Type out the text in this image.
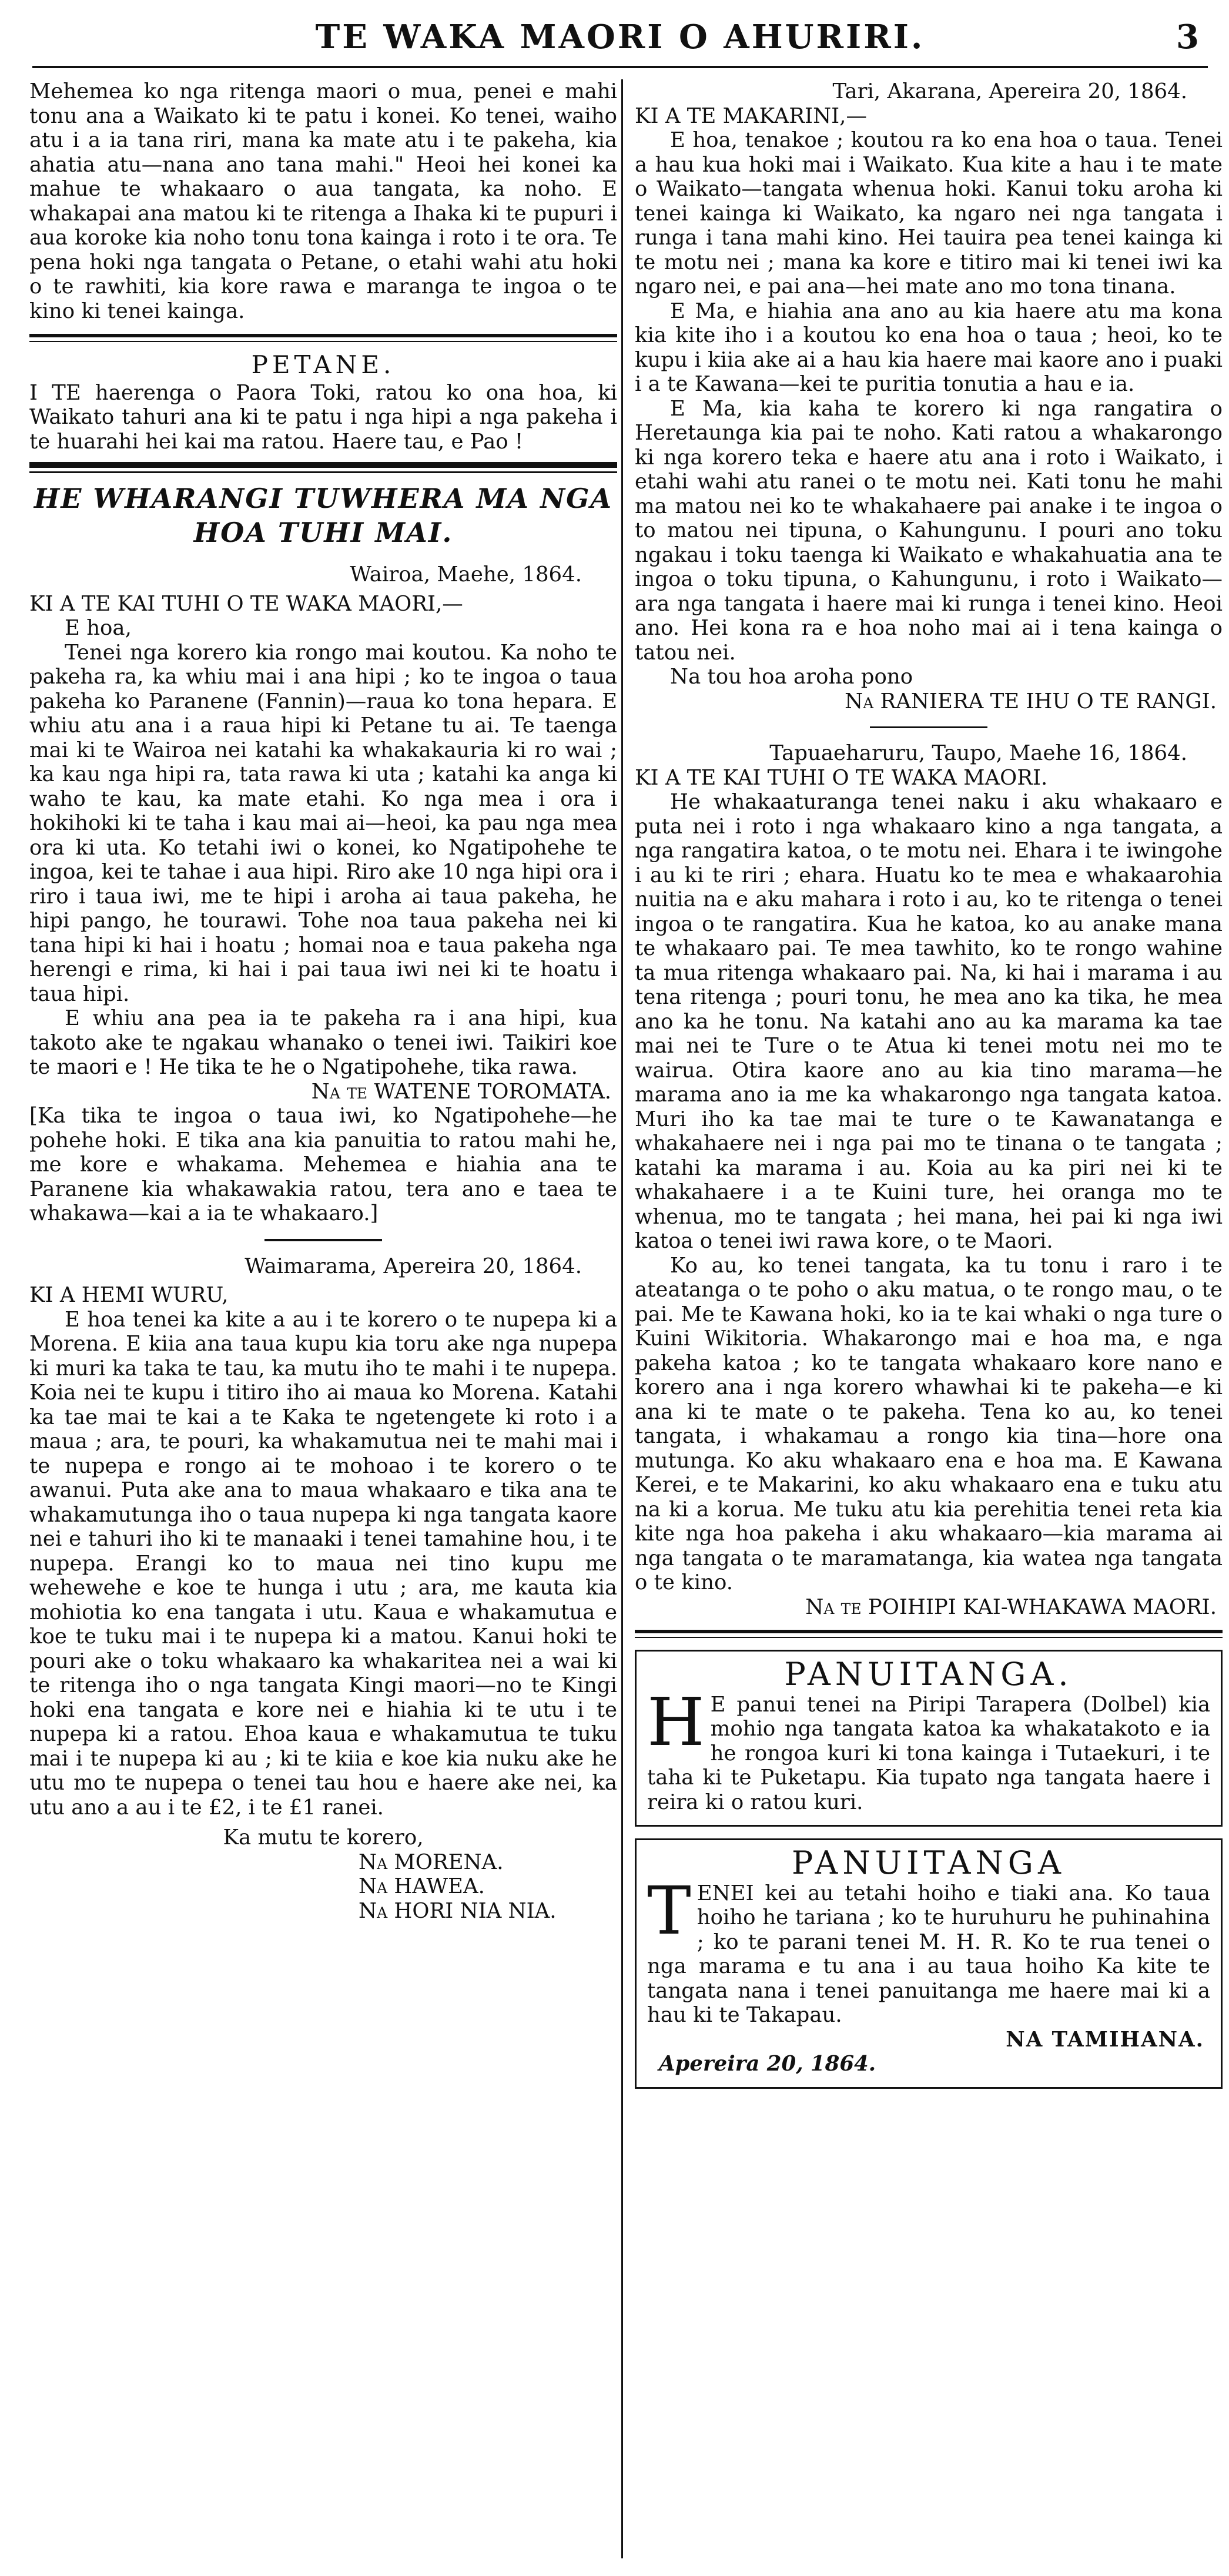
TE WAKA MAORI O AHURIRI.	3

Mehemea ko nga ritenga maori o mua, penei e mahi tonu ana a Waikato ki te patu i konei. Ko tenei, waiho atu i a ia tana riri, mana ka mate atu i te pakeha, kia ahatia atu—nana ano tana mahi." Heoi hei konei ka mahue te whakaaro o aua tangata, ka noho. E whakapai ana matou ki te ritenga a Ihaka ki te pupuri i aua koroke kia noho tonu tona kainga i roto i te ora. Te pena hoki nga tangata o Petane, o etahi wahi atu hoki o te rawhiti, kia kore rawa e maranga te ingoa o te kino ki tenei kainga.

PETANE.

I TE haerenga o Paora Toki, ratou ko ona hoa, ki Waikato tahuri ana ki te patu i nga hipi a nga pakeha i te huarahi hei kai ma ratou. Haere tau, e Pao !

HE WHARANGI TUWHERA MA NGA
HOA TUHI MAI.

Wairoa, Maehe, 1864.

KI A TE KAI TUHI O TE WAKA MAORI,—

E hoa,

Tenei nga korero kia rongo mai koutou. Ka noho te pakeha ra, ka whiu mai i ana hipi ; ko te ingoa o taua pakeha ko Paranene (Fannin)—raua ko tona hepara. E whiu atu ana i a raua hipi ki Petane tu ai. Te taenga mai ki te Wairoa nei katahi ka whakakauria ki ro wai ; ka kau nga hipi ra, tata rawa ki uta ; katahi ka anga ki waho te kau, ka mate etahi. Ko nga mea i ora i hokihoki ki te taha i kau mai ai—heoi, ka pau nga mea ora ki uta. Ko tetahi iwi o konei, ko Ngatipohehe te ingoa, kei te tahae i aua hipi. Riro ake 10 nga hipi ora i riro i taua iwi, me te hipi i aroha ai taua pakeha, he hipi pango, he tourawi. Tohe noa taua pakeha nei ki tana hipi ki hai i hoatu ; homai noa e taua pakeha nga herengi e rima, ki hai i pai taua iwi nei ki te hoatu i taua hipi.

E whiu ana pea ia te pakeha ra i ana hipi, kua takoto ake te ngakau whanako o tenei iwi. Taikiri koe te maori e ! He tika te he o Ngatipohehe, tika rawa.

Na te WATENE TOROMATA.

[Ka tika te ingoa o taua iwi, ko Ngatipohehe—he pohehe hoki. E tika ana kia panuitia to ratou mahi he, me kore e whakama. Mehemea e hiahia ana te Paranene kia whakawakia ratou, tera ano e taea te whakawa—kai a ia te whakaaro.]

Waimarama, Apereira 20, 1864.

KI A HEMI WURU,

E hoa tenei ka kite a au i te korero o te nupepa ki a Morena. E kiia ana taua kupu kia toru ake nga nupepa ki muri ka taka te tau, ka mutu iho te mahi i te nupepa. Koia nei te kupu i titiro iho ai maua ko Morena. Katahi ka tae mai te kai a te Kaka te ngetengete ki roto i a maua ; ara, te pouri, ka whakamutua nei te mahi mai i te nupepa e rongo ai te mohoao i te korero o te awanui. Puta ake ana to maua whakaaro e tika ana te whakamutunga iho o taua nupepa ki nga tangata kaore nei e tahuri iho ki te manaaki i tenei tamahine hou, i te nupepa. Erangi ko to maua nei tino kupu me wehewehe e koe te hunga i utu ; ara, me kauta kia mohiotia ko ena tangata i utu. Kaua e whakamutua e koe te tuku mai i te nupepa ki a matou. Kanui hoki te pouri ake o toku whakaaro ka whakaritea nei a wai ki te ritenga iho o nga tangata Kingi maori—no te Kingi hoki ena tangata e kore nei e hiahia ki te utu i te nupepa ki a ratou. Ehoa kaua e whakamutua te tuku mai i te nupepa ki au ; ki te kiia e koe kia nuku ake he utu mo te nupepa o tenei tau hou e haere ake nei, ka utu ano a au i te £2, i te £1 ranei.

Ka mutu te korero,

Na MORENA.

Na HAWEA.

Na HORI NIA NIA.

Tari, Akarana, Apereira 20, 1864.

KI A TE MAKARINI,—

E hoa, tenakoe ; koutou ra ko ena hoa o taua. Tenei a hau kua hoki mai i Waikato. Kua kite a hau i te mate o Waikato—tangata whenua hoki. Kanui toku aroha ki tenei kainga ki Waikato, ka ngaro nei nga tangata i runga i tana mahi kino. Hei tauira pea tenei kainga ki te motu nei ; mana ka kore e titiro mai ki tenei iwi ka ngaro nei, e pai ana—hei mate ano mo tona tinana.

E Ma, e hiahia ana ano au kia haere atu ma kona kia kite iho i a koutou ko ena hoa o taua ; heoi, ko te kupu i kiia ake ai a hau kia haere mai kaore ano i puaki i a te Kawana—kei te puritia tonutia a hau e ia.

E Ma, kia kaha te korero ki nga rangatira o Heretaunga kia pai te noho. Kati ratou a whakarongo ki nga korero teka e haere atu ana i roto i Waikato, i etahi wahi atu ranei o te motu nei. Kati tonu he mahi ma matou nei ko te whakahaere pai anake i te ingoa o to matou nei tipuna, o Kahungunu. I pouri ano toku ngakau i toku taenga ki Waikato e whakahuatia ana te ingoa o toku tipuna, o Kahungunu, i roto i Waikato—ara nga tangata i haere mai ki runga i tenei kino. Heoi ano. Hei kona ra e hoa noho mai ai i tena kainga o tatou nei.

Na tou hoa aroha pono

Na RANIERA TE IHU O TE RANGI.

Tapuaeharuru, Taupo, Maehe 16, 1864.

KI A TE KAI TUHI O TE WAKA MAORI.

He whakaaturanga tenei naku i aku whakaaro e puta nei i roto i nga whakaaro kino a nga tangata, a nga rangatira katoa, o te motu nei. Ehara i te iwingohe i au ki te riri ; ehara. Huatu ko te mea e whakaarohia nuitia na e aku mahara i roto i au, ko te ritenga o tenei ingoa o te rangatira. Kua he katoa, ko au anake mana te whakaaro pai. Te mea tawhito, ko te rongo wahine ta mua ritenga whakaaro pai. Na, ki hai i marama i au tena ritenga ; pouri tonu, he mea ano ka tika, he mea ano ka he tonu. Na katahi ano au ka marama ka tae mai nei te Ture o te Atua ki tenei motu nei mo te wairua. Otira kaore ano au kia tino marama—he marama ano ia me ka whakarongo nga tangata katoa. Muri iho ka tae mai te ture o te Kawanatanga e whakahaere nei i nga pai mo te tinana o te tangata ; katahi ka marama i au. Koia au ka piri nei ki te whakahaere i a te Kuini ture, hei oranga mo te whenua, mo te tangata ; hei mana, hei pai ki nga iwi katoa o tenei iwi rawa kore, o te Maori.

Ko au, ko tenei tangata, ka tu tonu i raro i te ateatanga o te poho o aku matua, o te rongo mau, o te pai. Me te Kawana hoki, ko ia te kai whaki o nga ture o Kuini Wikitoria. Whakarongo mai e hoa ma, e nga pakeha katoa ; ko te tangata whakaaro kore nano e korero ana i nga korero whawhai ki te pakeha—e ki ana ki te mate o te pakeha. Tena ko au, ko tenei tangata, i whakamau a rongo kia tina—hore ona mutunga. Ko aku whakaaro ena e hoa ma. E Kawana Kerei, e te Makarini, ko aku whakaaro ena e tuku atu na ki a korua. Me tuku atu kia perehitia tenei reta kia kite nga hoa pakeha i aku whakaaro—kia marama ai nga tangata o te maramatanga, kia watea nga tangata o te kino.

Na te POIHIPI KAI-WHAKAWA MAORI.

PANUITANGA.

H E panui tenei na Piripi Tarapera (Dolbel) kia mohio nga tangata katoa ka whakatakoto e ia he rongoa kuri ki tona kainga i Tutaekuri, i te taha ki te Puketapu. Kia tupato nga tangata haere i reira ki o ratou kuri.

PANUITANGA

T ENEI kei au tetahi hoiho e tiaki ana. Ko taua hoiho he tariana ; ko te huruhuru he puhinahina ; ko te parani tenei M. H. R. Ko te rua tenei o nga marama e tu ana i au taua hoiho Ka kite te tangata nana i tenei panuitanga me haere mai ki a hau ki te Takapau.

NA TAMIHANA.

Apereira 20, 1864.
